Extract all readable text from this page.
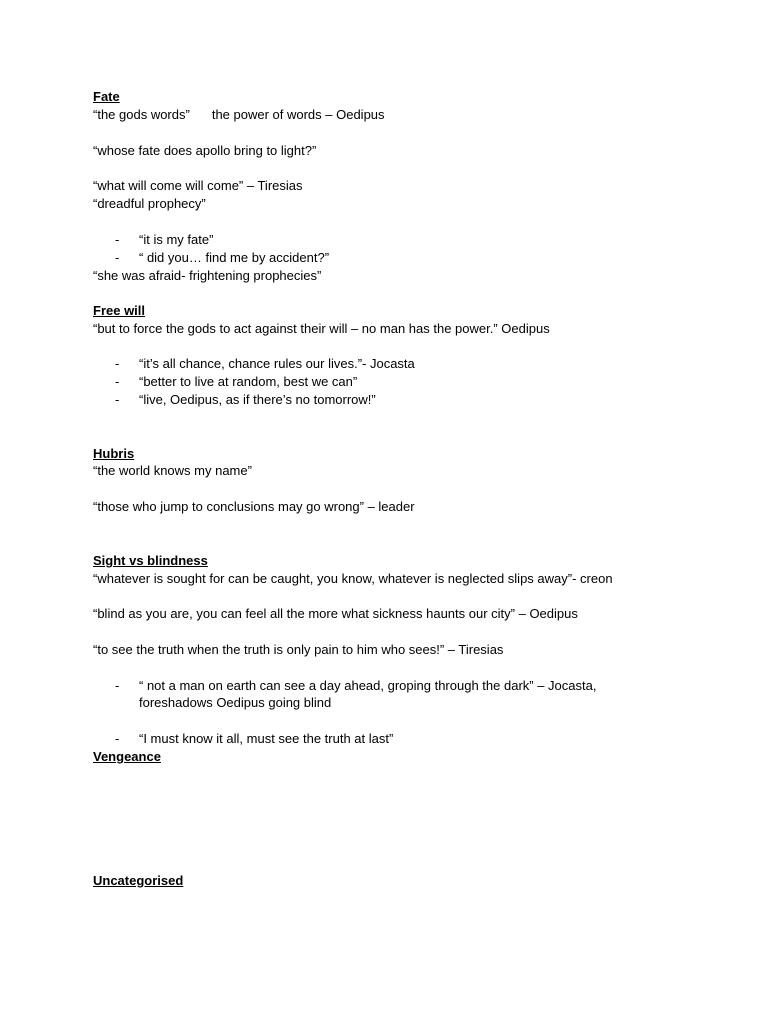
Fate
“the gods words” the power of words – Oedipus
“whose fate does apollo bring to light?”
“what will come will come” – Tiresias
“dreadful prophecy”
- “it is my fate”
- “ did you… find me by accident?”
“she was afraid- frightening prophecies”
Free will
“but to force the gods to act against their will – no man has the power.” Oedipus
- “it’s all chance, chance rules our lives.”- Jocasta
- “better to live at random, best we can”
- “live, Oedipus, as if there’s no tomorrow!”
Hubris
“the world knows my name”
“those who jump to conclusions may go wrong” – leader
Sight vs blindness
“whatever is sought for can be caught, you know, whatever is neglected slips away”- creon
“blind as you are, you can feel all the more what sickness haunts our city” – Oedipus
“to see the truth when the truth is only pain to him who sees!” – Tiresias
- “ not a man on earth can see a day ahead, groping through the dark” – Jocasta,
foreshadows Oedipus going blind
- “I must know it all, must see the truth at last”
Vengeance
Uncategorised
